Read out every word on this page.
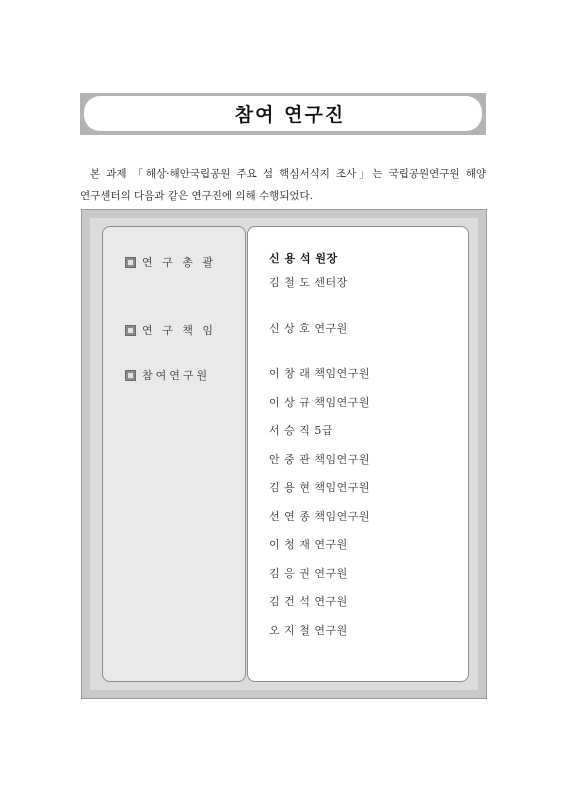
참여 연구진

본 과제 「해상·해안국립공원 주요 섬 핵심서식지 조사」는 국립공원연구원 해양

연구센터의 다음과 같은 연구진에 의해 수행되었다.

연 구 총 괄
연 구 책 임
참여연구원
신 용 석 원장
김 철 도 센터장
신 상 호 연구원
이 창 래 책임연구원
이 상 규 책임연구원
서 승 직 5급
안 중 관 책임연구원
김 용 현 책임연구원
선 연 종 책임연구원
이 청 재 연구원
김 응 권 연구원
김 건 석 연구원
오 지 철 연구원
